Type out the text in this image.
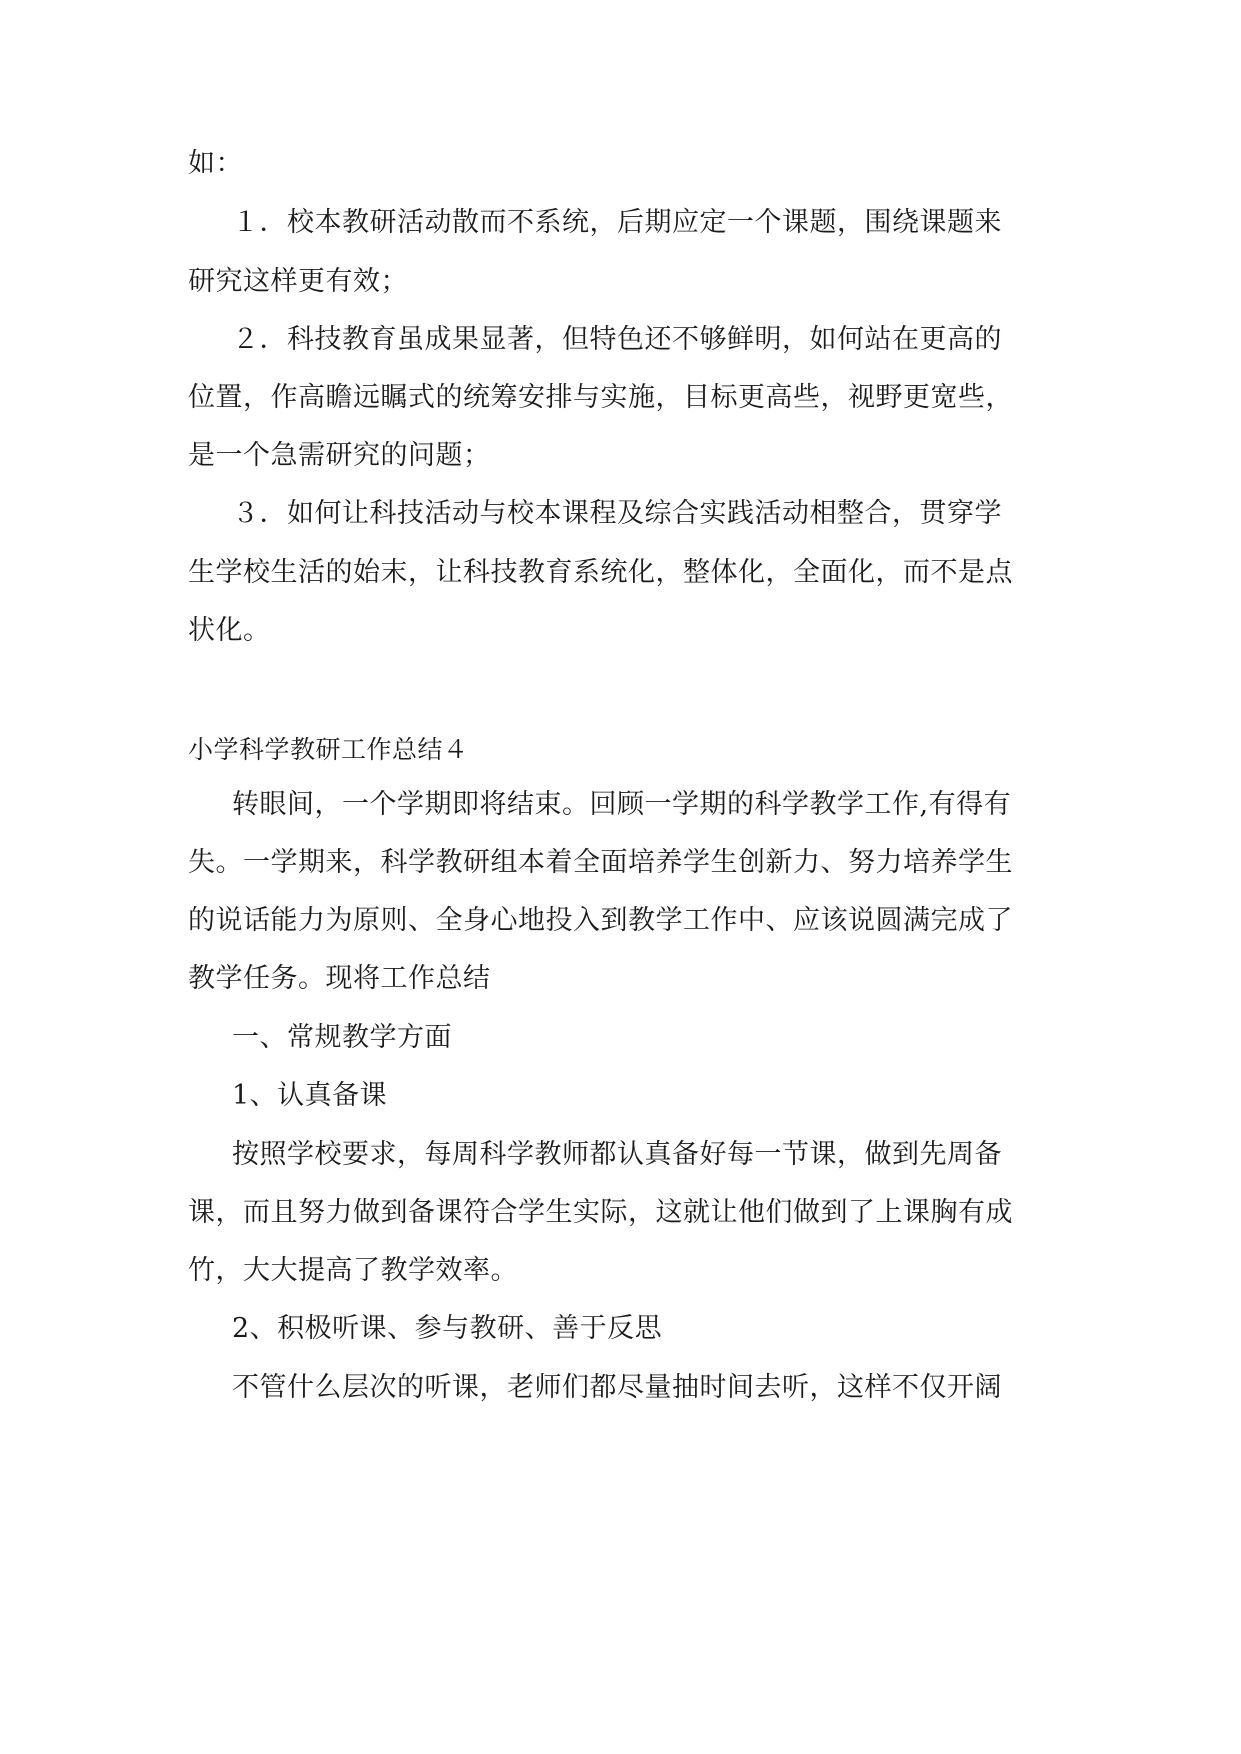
如：
１．校本教研活动散而不系统，后期应定一个课题，围绕课题来
研究这样更有效；
２．科技教育虽成果显著，但特色还不够鲜明，如何站在更高的
位置，作高瞻远瞩式的统筹安排与实施，目标更高些，视野更宽些，
是一个急需研究的问题；
３．如何让科技活动与校本课程及综合实践活动相整合，贯穿学
生学校生活的始末，让科技教育系统化，整体化，全面化，而不是点
状化。
小学科学教研工作总结４
转眼间，一个学期即将结束。回顾一学期的科学教学工作,有得有
失。一学期来，科学教研组本着全面培养学生创新力、努力培养学生
的说话能力为原则、全身心地投入到教学工作中、应该说圆满完成了
教学任务。现将工作总结
一、常规教学方面
1、认真备课
按照学校要求，每周科学教师都认真备好每一节课，做到先周备
课，而且努力做到备课符合学生实际，这就让他们做到了上课胸有成
竹，大大提高了教学效率。
2、积极听课、参与教研、善于反思
不管什么层次的听课，老师们都尽量抽时间去听，这样不仅开阔
